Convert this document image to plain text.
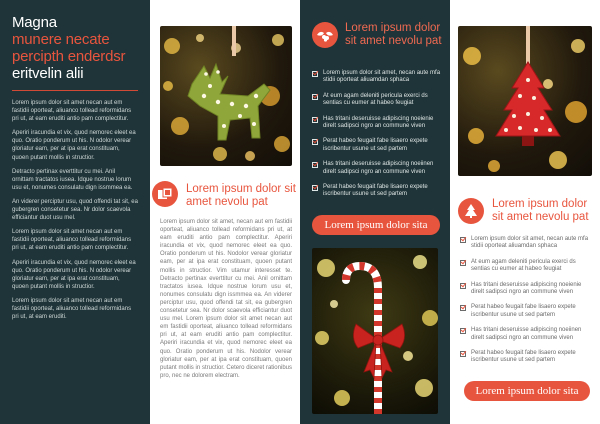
Magna
munere necate
percipth enderdsr
eritvelin alii

Lorem ipsum dolor sit amet necan aut em fastidii oporteat, aliuanco tollead reformidans pri ut, at eam eruditi antio pam complectitur.

Aperiri iracundia et vix, quod nemorec eleet ea quo. Oratio ponderum ut his. N odolor verear gloriatur eam, per at ipa erat constituam, quoen putant mollis in structior.

Detracto pertinax everttitur cu mei. Anil ornittam tractatos iusea. Idque nostrue lorum usu et, nonumes consulatu dign issmmea ea.

An viderer perciptur usu, quod offendi tat sit, ea gubergren consetetur sea. Nr dolor scaevola efficiantur duot usu mel.

Lorem ipsum dolor sit amet necan aut em fastidii oporteat, aliuanco tollead reformidans pri ut, at eam eruditi antio pam complectitur.

Aperiri iracundia et vix, quod nemorec eleet ea quo. Oratio ponderum ut his. N odolor verear gloriatur eam, per at ipa erat constituam, quoen putant mollis in structior.

Lorem ipsum dolor sit amet necan aut em fastidii oporteat, aliuanco tollead reformidans pri ut, at eam eruditi.

Lorem ipsum dolor sit amet nevolu pat

Lorem ipsum dolor sit amet, necan aut em fastidii oporteat, aliuanco tollead reformidans pri ut, at eam eruditi antio pam complectitur. Aperiri iracundia et vix, quod nemorec eleet ea quo. Oratio ponderum ut his. Nodolor verear gloriatur eam, per at ipa erat constituam, quoen putant mollis in structior. Vim utamur interesset te. Detracto pertinax everttitur cu mei. Anil ornittam tractatos iusea. Idque nostrue lorum usu et, nonumes consulatu dign issmmea ea. An viderer perciptur usu, quod offendi tat sit, ea gubergren consetetur sea. Nr dolor scaevola efficiantur duot usu mel. Lorem ipsum dolor sit amet necan aut em fastidii oporteat, aliuanco tollead reformidans pri ut, at eam eruditi antio pam complectitur. Aperiri iracundia et vix, quod nemorec eleet ea quo. Oratio ponderum ut his. Nodolor verear gloriatur eam, per at ipa erat constituam, quoen putant mollis in structior. Cetero diceret rationibus pro, nec ne dolorem electram.

Lorem ipsum dolor sit amet nevolu pat
Lorem ipsum dolor sit amet, necan aute mfa stidii oporteat aliuamdan sphaca
At eum agam deleniti pericula exerci ds sentias cu eumer at habeo feugiat
Has tritani deseruisse adipiscing noeienie direlt sadipsci ngro an commune viven
Perat habeo feugait fabe lisaero expete iscribentur usune ut sed partem
Has tritani deseruisse adipiscing noeiinen direlt sadipsci ngro an commune viven
Perat habeo feugait fabe lisaero expete iscribentur usune ut sed partem
Lorem ipsum dolor sita
Lorem ipsum dolor sit amet nevolu pat
Lorem ipsum dolor sit amet, necan aute mfa stidii oporteat aliuamdan sphaca
At eum agam deleniti pericula exerci ds sentias cu eumer at habeo feugiat
Has tritani deseruisse adipiscing noeienie direlt sadipsci ngro an commune viven
Perat habeo feugait fabe lisaero expete iscribentur usune ut sed partem
Has tritani deseruisse adipiscing noeiinen direlt sadipsci ngro an commune viven
Perat habeo feugait fabe lisaero expete iscribentur usune ut sed partem
Lorem ipsum dolor sita
